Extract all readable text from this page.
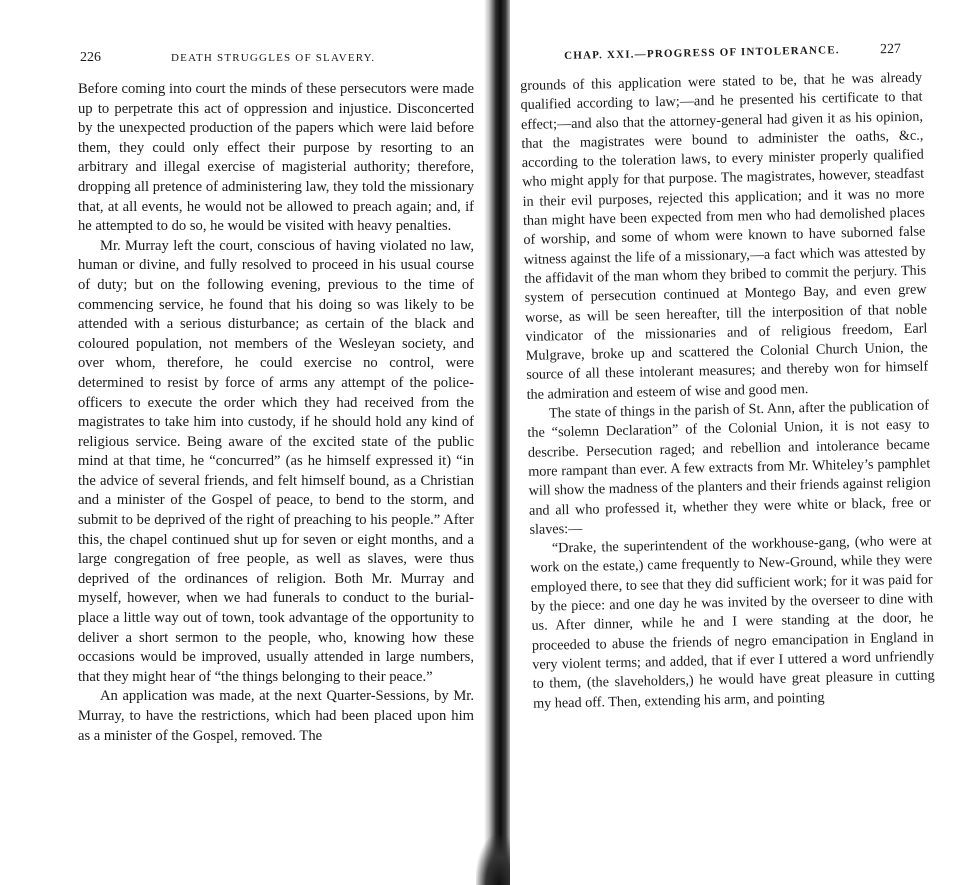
226	DEATH STRUGGLES OF SLAVERY.

Before coming into court the minds of these persecutors were made up to perpetrate this act of oppression and injustice. Disconcerted by the unexpected production of the papers which were laid before them, they could only effect their purpose by resorting to an arbitrary and illegal exercise of magisterial authority; therefore, dropping all pretence of administering law, they told the missionary that, at all events, he would not be allowed to preach again; and, if he attempted to do so, he would be visited with heavy penalties.

Mr. Murray left the court, conscious of having violated no law, human or divine, and fully resolved to proceed in his usual course of duty; but on the following evening, previous to the time of commencing service, he found that his doing so was likely to be attended with a serious disturbance; as certain of the black and coloured population, not members of the Wesleyan society, and over whom, therefore, he could exercise no control, were determined to resist by force of arms any attempt of the police-officers to execute the order which they had received from the magistrates to take him into custody, if he should hold any kind of religious service. Being aware of the excited state of the public mind at that time, he “concurred” (as he himself expressed it) “in the advice of several friends, and felt himself bound, as a Christian and a minister of the Gospel of peace, to bend to the storm, and submit to be deprived of the right of preaching to his people.” After this, the chapel continued shut up for seven or eight months, and a large congregation of free people, as well as slaves, were thus deprived of the ordinances of religion. Both Mr. Murray and myself, however, when we had funerals to conduct to the burial-place a little way out of town, took advantage of the opportunity to deliver a short sermon to the people, who, knowing how these occasions would be improved, usually attended in large numbers, that they might hear of “the things belonging to their peace.”

An application was made, at the next Quarter-Sessions, by Mr. Murray, to have the restrictions, which had been placed upon him as a minister of the Gospel, removed. The

CHAP. XXI.—PROGRESS OF INTOLERANCE.	227

grounds of this application were stated to be, that he was already qualified according to law;—and he presented his certificate to that effect;—and also that the attorney-general had given it as his opinion, that the magistrates were bound to administer the oaths, &c., according to the toleration laws, to every minister properly qualified who might apply for that purpose. The magistrates, however, steadfast in their evil purposes, rejected this application; and it was no more than might have been expected from men who had demolished places of worship, and some of whom were known to have suborned false witness against the life of a missionary,—a fact which was attested by the affidavit of the man whom they bribed to commit the perjury. This system of persecution continued at Montego Bay, and even grew worse, as will be seen hereafter, till the interposition of that noble vindicator of the missionaries and of religious freedom, Earl Mulgrave, broke up and scattered the Colonial Church Union, the source of all these intolerant measures; and thereby won for himself the admiration and esteem of wise and good men.

The state of things in the parish of St. Ann, after the publication of the “solemn Declaration” of the Colonial Union, it is not easy to describe. Persecution raged; and rebellion and intolerance became more rampant than ever. A few extracts from Mr. Whiteley’s pamphlet will show the madness of the planters and their friends against religion and all who professed it, whether they were white or black, free or slaves:—

“Drake, the superintendent of the workhouse-gang, (who were at work on the estate,) came frequently to New-Ground, while they were employed there, to see that they did sufficient work; for it was paid for by the piece: and one day he was invited by the overseer to dine with us. After dinner, while he and I were standing at the door, he proceeded to abuse the friends of negro emancipation in England in very violent terms; and added, that if ever I uttered a word unfriendly to them, (the slaveholders,) he would have great pleasure in cutting my head off. Then, extending his arm, and pointing
